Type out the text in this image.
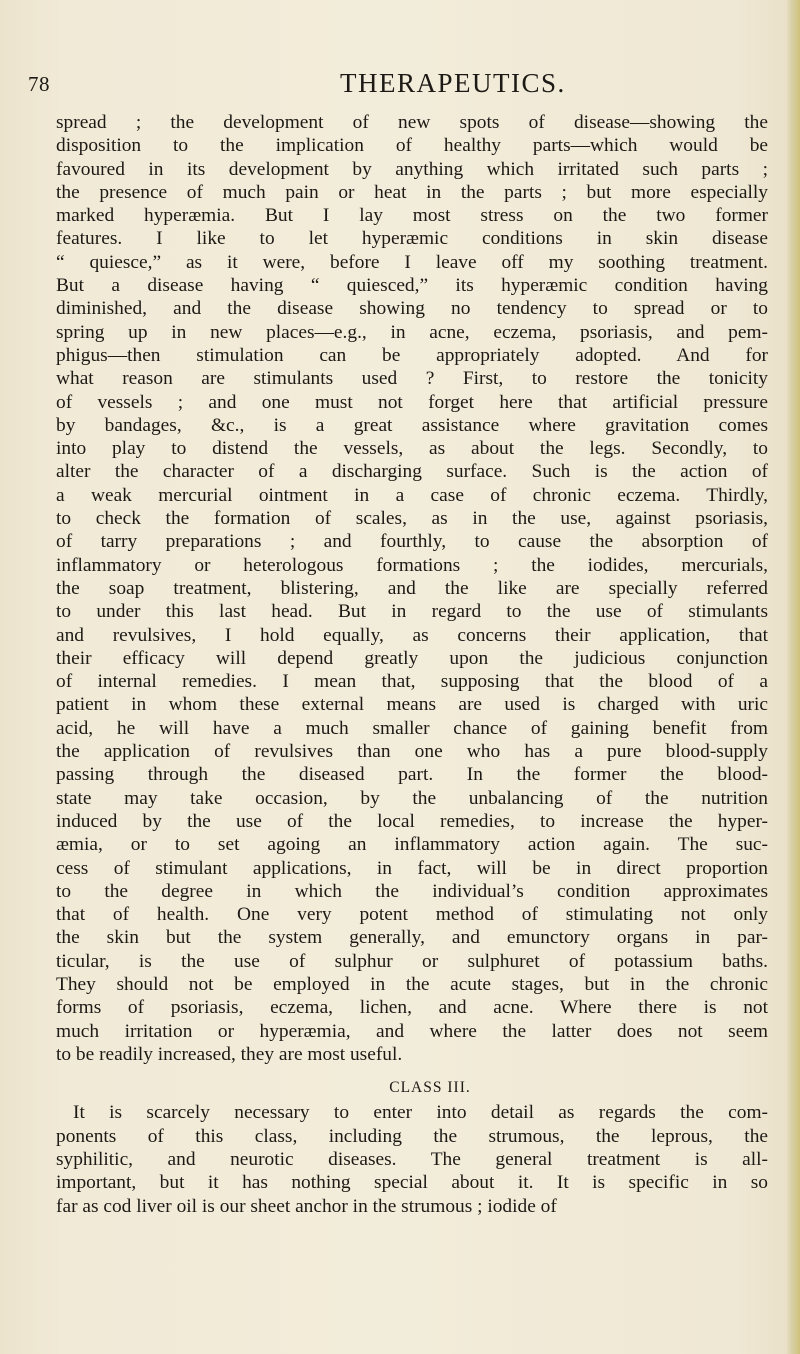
78	THERAPEUTICS.
spread ; the development of new spots of disease—showing the
disposition to the implication of healthy parts—which would be
favoured in its development by anything which irritated such parts ;
the presence of much pain or heat in the parts ; but more especially
marked hyperæmia. But I lay most stress on the two former
features. I like to let hyperæmic conditions in skin disease
“ quiesce,” as it were, before I leave off my soothing treatment.
But a disease having “ quiesced,” its hyperæmic condition having
diminished, and the disease showing no tendency to spread or to
spring up in new places—e.g., in acne, eczema, psoriasis, and pem-
phigus—then stimulation can be appropriately adopted. And for
what reason are stimulants used ? First, to restore the tonicity
of vessels ; and one must not forget here that artificial pressure
by bandages, &c., is a great assistance where gravitation comes
into play to distend the vessels, as about the legs. Secondly, to
alter the character of a discharging surface. Such is the action of
a weak mercurial ointment in a case of chronic eczema. Thirdly,
to check the formation of scales, as in the use, against psoriasis,
of tarry preparations ; and fourthly, to cause the absorption of
inflammatory or heterologous formations ; the iodides, mercurials,
the soap treatment, blistering, and the like are specially referred
to under this last head. But in regard to the use of stimulants
and revulsives, I hold equally, as concerns their application, that
their efficacy will depend greatly upon the judicious conjunction
of internal remedies. I mean that, supposing that the blood of a
patient in whom these external means are used is charged with uric
acid, he will have a much smaller chance of gaining benefit from
the application of revulsives than one who has a pure blood-supply
passing through the diseased part. In the former the blood-
state may take occasion, by the unbalancing of the nutrition
induced by the use of the local remedies, to increase the hyper-
æmia, or to set agoing an inflammatory action again. The suc-
cess of stimulant applications, in fact, will be in direct proportion
to the degree in which the individual’s condition approximates
that of health. One very potent method of stimulating not only
the skin but the system generally, and emunctory organs in par-
ticular, is the use of sulphur or sulphuret of potassium baths.
They should not be employed in the acute stages, but in the chronic
forms of psoriasis, eczema, lichen, and acne. Where there is not
much irritation or hyperæmia, and where the latter does not seem
to be readily increased, they are most useful.
CLASS III.
It is scarcely necessary to enter into detail as regards the com-
ponents of this class, including the strumous, the leprous, the
syphilitic, and neurotic diseases. The general treatment is all-
important, but it has nothing special about it. It is specific in so
far as cod liver oil is our sheet anchor in the strumous ; iodide of
